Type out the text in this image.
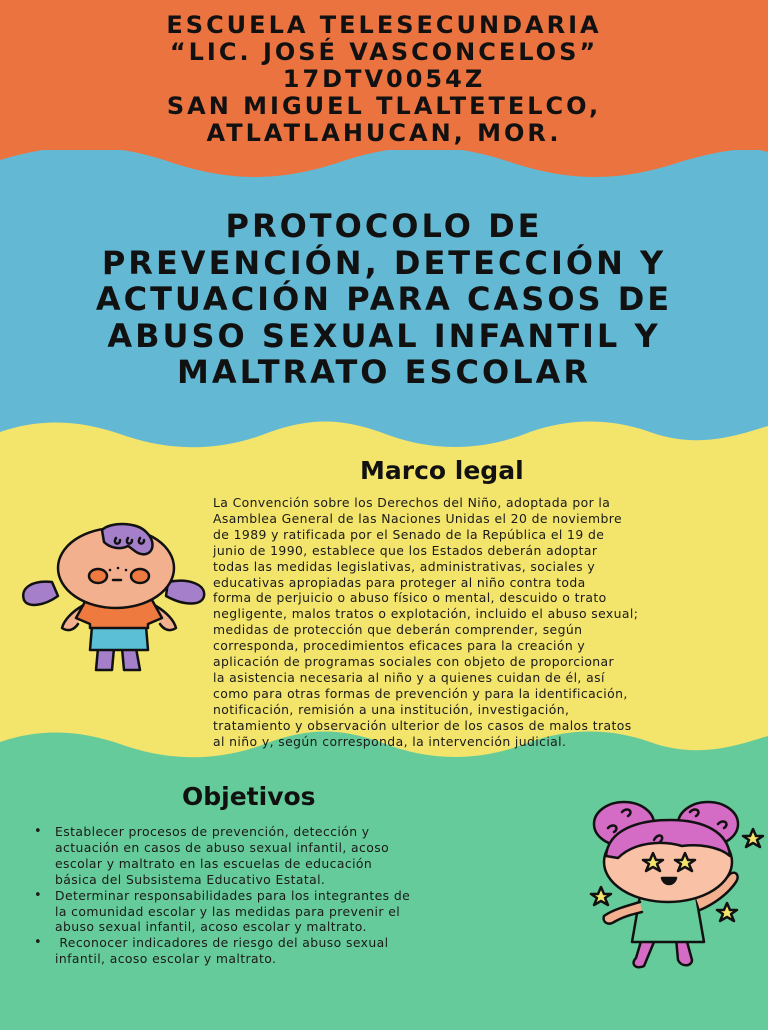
ESCUELA TELESECUNDARIA
“LIC. JOSÉ VASCONCELOS”
17DTV0054Z
SAN MIGUEL TLALTETELCO,
ATLATLAHUCAN, MOR.
PROTOCOLO DE
PREVENCIÓN, DETECCIÓN Y
ACTUACIÓN PARA CASOS DE
ABUSO SEXUAL INFANTIL Y
MALTRATO ESCOLAR
Marco legal
La Convención sobre los Derechos del Niño, adoptada por la
Asamblea General de las Naciones Unidas el 20 de noviembre
de 1989 y ratificada por el Senado de la República el 19 de
junio de 1990, establece que los Estados deberán adoptar
todas las medidas legislativas, administrativas, sociales y
educativas apropiadas para proteger al niño contra toda
forma de perjuicio o abuso físico o mental, descuido o trato
negligente, malos tratos o explotación, incluido el abuso sexual;
medidas de protección que deberán comprender, según
corresponda, procedimientos eficaces para la creación y
aplicación de programas sociales con objeto de proporcionar
la asistencia necesaria al niño y a quienes cuidan de él, así
como para otras formas de prevención y para la identificación,
notificación, remisión a una institución, investigación,
tratamiento y observación ulterior de los casos de malos tratos
al niño y, según corresponda, la intervención judicial.
Objetivos
• Establecer procesos de prevención, detección y
actuación en casos de abuso sexual infantil, acoso
escolar y maltrato en las escuelas de educación
básica del Subsistema Educativo Estatal.
• Determinar responsabilidades para los integrantes de
la comunidad escolar y las medidas para prevenir el
abuso sexual infantil, acoso escolar y maltrato.
•  Reconocer indicadores de riesgo del abuso sexual
infantil, acoso escolar y maltrato.
